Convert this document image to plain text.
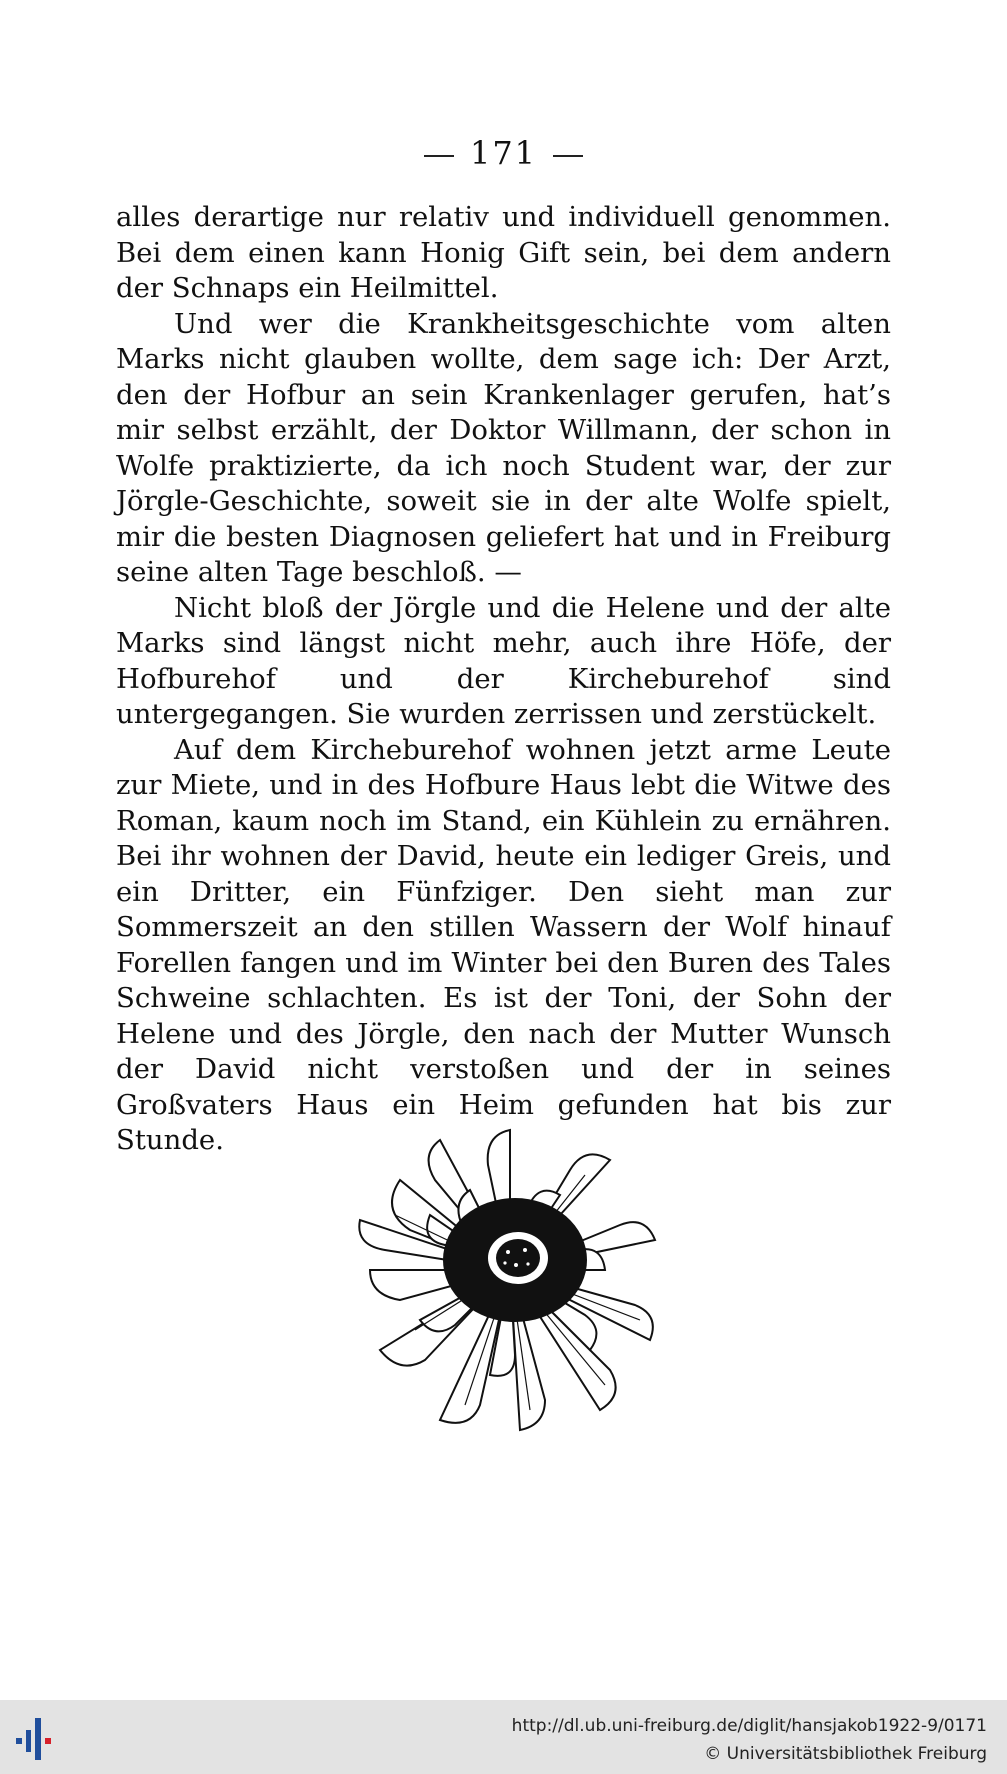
171

alles derartige nur relativ und individuell genommen. Bei dem einen kann Honig Gift sein, bei dem andern der Schnaps ein Heilmittel.

Und wer die Krankheitsgeschichte vom alten Marks nicht glauben wollte, dem sage ich: Der Arzt, den der Hofbur an sein Krankenlager gerufen, hat’s mir selbst erzählt, der Doktor Willmann, der schon in Wolfe praktizierte, da ich noch Student war, der zur Jörgle-Geschichte, soweit sie in der alte Wolfe spielt, mir die besten Diagnosen geliefert hat und in Freiburg seine alten Tage beschloß. —

Nicht bloß der Jörgle und die Helene und der alte Marks sind längst nicht mehr, auch ihre Höfe, der Hofburehof und der Kircheburehof sind untergegangen. Sie wurden zerrissen und zerstückelt.

Auf dem Kircheburehof wohnen jetzt arme Leute zur Miete, und in des Hofbure Haus lebt die Witwe des Roman, kaum noch im Stand, ein Kühlein zu ernähren. Bei ihr wohnen der David, heute ein lediger Greis, und ein Dritter, ein Fünfziger. Den sieht man zur Sommerszeit an den stillen Wassern der Wolf hinauf Forellen fangen und im Winter bei den Buren des Tales Schweine schlachten. Es ist der Toni, der Sohn der Helene und des Jörgle, den nach der Mutter Wunsch der David nicht verstoßen und der in seines Großvaters Haus ein Heim gefunden hat bis zur Stunde.

http://dl.ub.uni-freiburg.de/diglit/hansjakob1922-9/0171
© Universitätsbibliothek Freiburg
